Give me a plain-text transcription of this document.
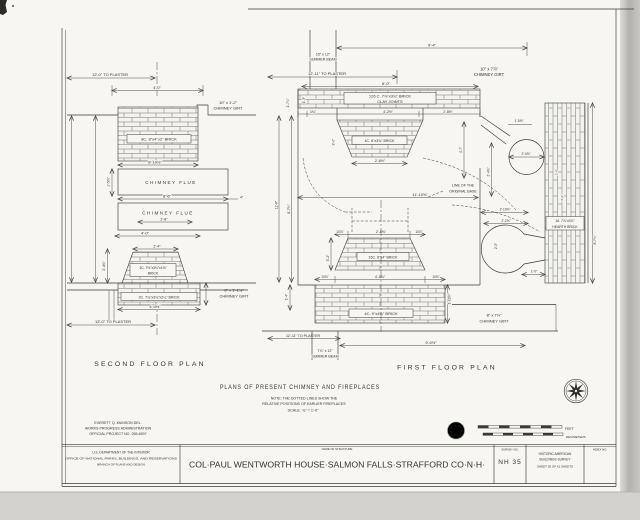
12'-0" TO PLASTER
4'-0"
8C. 8"x4"x2" BRICK
10" x 1'-2"
CHIMNEY GIRT
8'-10½"
CHIMNEY FLUE
8'-6"	4"
CHIMNEY FLUE
2'-8"
4'-0"
2'-4"
3C. 7½"x3¾"x1⅝"
BRICK
1'-5⅜"
2'-4⅝"
3C. 7¾"x3¾"x2¼" BRICK
4'-0½"
8" x 1'-1¾"
CHIMNEY GIRT
12'-0" TO PLASTER
SECOND FLOOR PLAN
9'-4"
15" x 12"
SUMMER BEAM
12'-11" TO PLASTER
10" x 7⅞"
CHIMNEY GIRT
8'-0"
126 C. 7⅞"x3¾" BRICK
CLAY JOINTS
1¾"	4'-2½"	2'-8½"
1'-7⅞"	1'-3"
11'-6"	8'-7¾"
4C. 8"x3¾" BRICK
2'-0"
2'-6½"
LINE OF THE
ORIGINAL BASE
11'-10⅝"
10⅞"	2'-8⅝"	10⅞"
16C. 8"x4" BRICK
3'-2"
10⅝"	4'-5⅞"	10⅝"
4C. 9"x4⅜" BRICK
1'-10⅝"
1'-4"
12'-11" TO PLASTER
9'-0½"
7⅞" x 12"
SUMMER BEAM
FIRST FLOOR PLAN
8'-7¾"
1'-5⅝"
2'-0⅝"
4'-7"
2'-4⅝"
2'-10⅝"
2'-2⅝"
2'-5"
1'-0"
16. 7⅞"x3⅞"
HEARTH BRICK
1'-6"
4'-2"
8" x 7⅞"
CHIMNEY GIRT
PLANS OF PRESENT CHIMNEY AND FIREPLACES
NOTE: THE DOTTED LINES SHOW THE
RELATIVE POSITIONS OF EARLIER FIREPLACES
SCALE: ¾" = 1'-0"
FEET
DECIMETERS
EVERETT Q. MUNSON DEL.
WORKS PROGRESS ADMINISTRATION
OFFICIAL PROJECT NO. 265-6907
U.S. DEPARTMENT OF THE INTERIOR
OFFICE OF NATIONAL PARKS, BUILDINGS, AND RESERVATIONS
BRANCH OF PLANS AND DESIGN
NAME OF STRUCTURE
COL·PAUL WENTWORTH HOUSE·SALMON FALLS·STRAFFORD CO·N·H·
SURVEY NO.
NH 35
HISTORIC AMERICAN
BUILDINGS SURVEY
SHEET 30 OF 41 SHEETS
INDEX NO.
